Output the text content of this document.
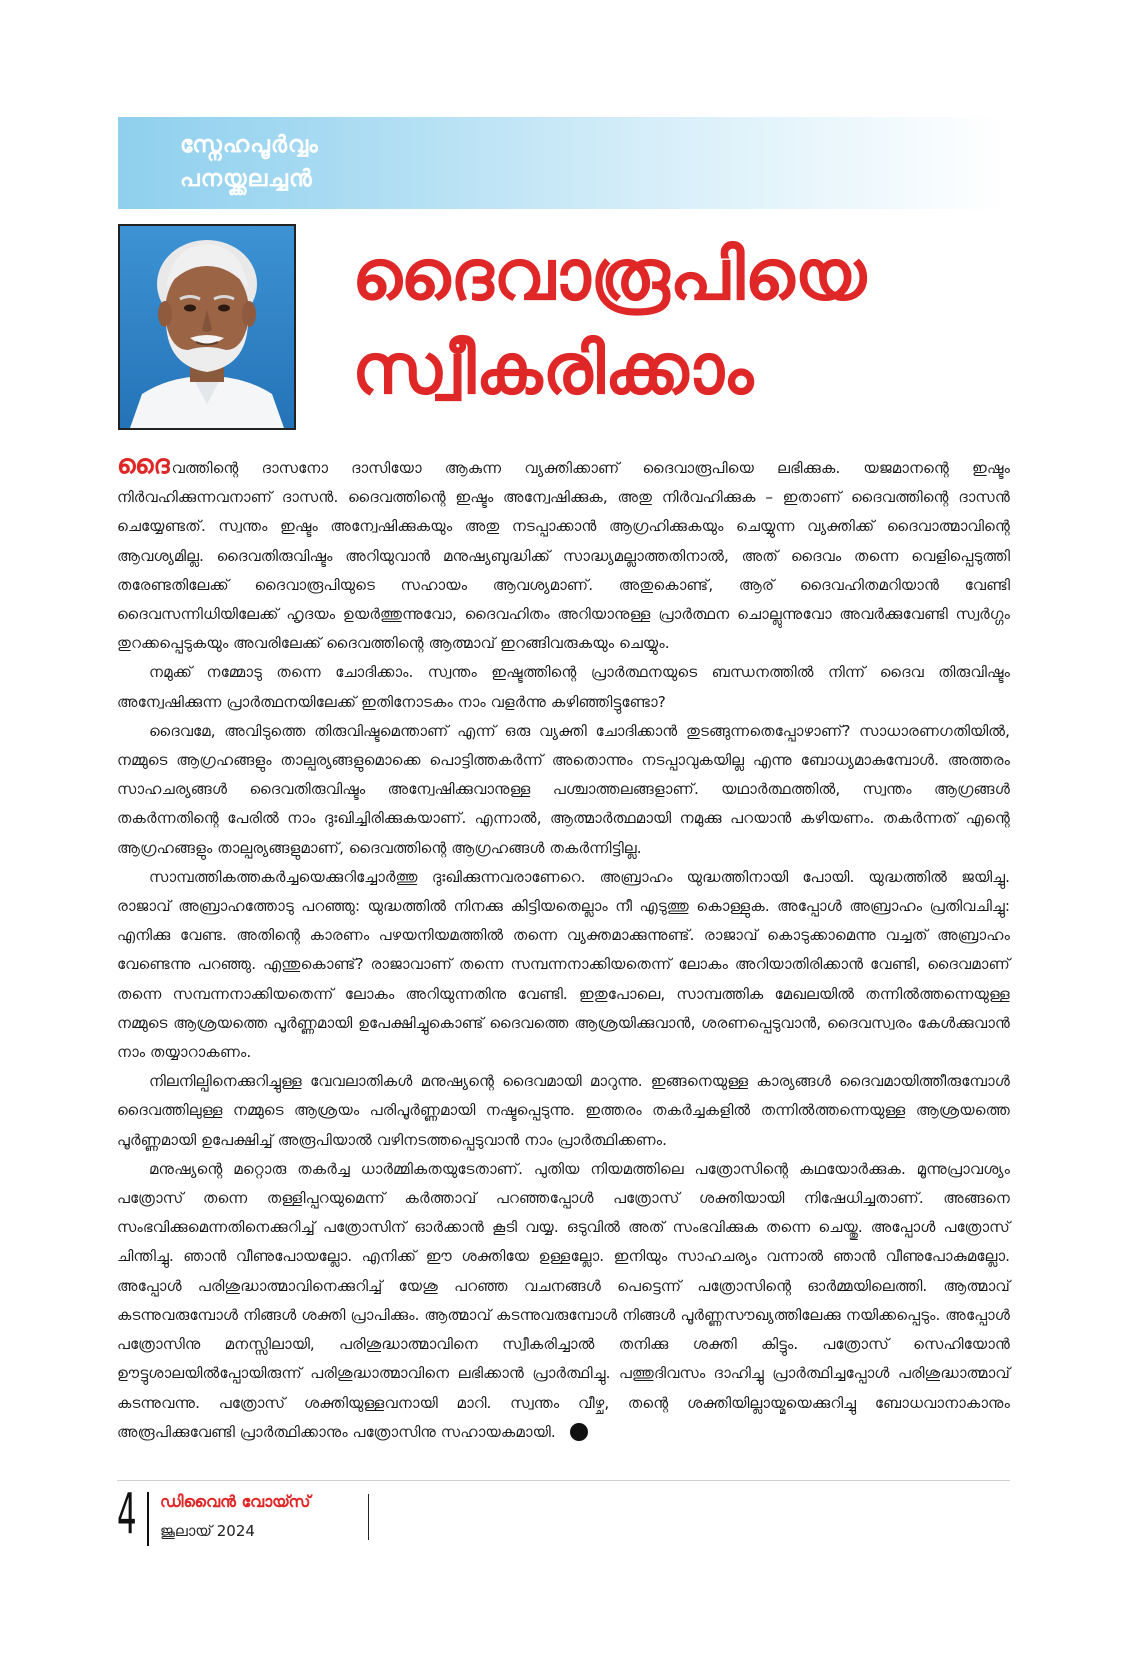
സ്നേഹപൂർവ്വം
പനയ്ക്കലച്ചൻ
ദൈവാരൂപിയെ
സ്വീകരിക്കാം

ദൈവത്തിന്റെ ദാസനോ ദാസിയോ ആകുന്ന വ്യക്തിക്കാണ് ദൈവാരൂപിയെ ലഭിക്കുക. യജമാനന്റെ ഇഷ്ടം നിർവഹിക്കുന്നവനാണ് ദാസൻ. ദൈവത്തിന്റെ ഇഷ്ടം അന്വേഷിക്കുക, അതു നിർവഹിക്കുക – ഇതാണ് ദൈവത്തിന്റെ ദാസൻ ചെയ്യേണ്ടത്. സ്വന്തം ഇഷ്ടം അന്വേഷിക്കുകയും അതു നടപ്പാക്കാൻ ആഗ്രഹിക്കുകയും ചെയ്യുന്ന വ്യക്തിക്ക് ദൈവാത്മാവിന്റെ ആവശ്യമില്ല. ദൈവതിരുവിഷ്ടം അറിയുവാൻ മനുഷ്യബുദ്ധിക്ക് സാദ്ധ്യമല്ലാത്തതിനാൽ, അത് ദൈവം തന്നെ വെളിപ്പെടുത്തി തരേണ്ടതിലേക്ക് ദൈവാരൂപിയുടെ സഹായം ആവശ്യമാണ്. അതുകൊണ്ട്, ആര് ദൈവഹിതമറിയാൻ വേണ്ടി ദൈവസന്നിധിയിലേക്ക് ഹൃദയം ഉയർത്തുന്നുവോ, ദൈവഹിതം അറിയാനുള്ള പ്രാർത്ഥന ചൊല്ലുന്നുവോ അവർക്കുവേണ്ടി സ്വർഗ്ഗം തുറക്കപ്പെടുകയും അവരിലേക്ക് ദൈവത്തിന്റെ ആത്മാവ് ഇറങ്ങിവരുകയും ചെയ്യും.

നമുക്ക് നമ്മോടു തന്നെ ചോദിക്കാം. സ്വന്തം ഇഷ്ടത്തിന്റെ പ്രാർത്ഥനയുടെ ബന്ധനത്തിൽ നിന്ന് ദൈവ തിരുവിഷ്ടം അന്വേഷിക്കുന്ന പ്രാർത്ഥനയിലേക്ക് ഇതിനോടകം നാം വളർന്നു കഴിഞ്ഞിട്ടുണ്ടോ?

ദൈവമേ, അവിടുത്തെ തിരുവിഷ്ടമെന്താണ് എന്ന് ഒരു വ്യക്തി ചോദിക്കാൻ തുടങ്ങുന്നതെപ്പോഴാണ്? സാധാരണഗതിയിൽ, നമ്മുടെ ആഗ്രഹങ്ങളും താല്പര്യങ്ങളുമൊക്കെ പൊട്ടിത്തകർന്ന് അതൊന്നും നടപ്പാവുകയില്ല എന്നു ബോധ്യമാകുമ്പോൾ. അത്തരം സാഹചര്യങ്ങൾ ദൈവതിരുവിഷ്ടം അന്വേഷിക്കുവാനുള്ള പശ്ചാത്തലങ്ങളാണ്. യഥാർത്ഥത്തിൽ, സ്വന്തം ആഗ്രങ്ങൾ തകർന്നതിന്റെ പേരിൽ നാം ദുഃഖിച്ചിരിക്കുകയാണ്. എന്നാൽ, ആത്മാർത്ഥമായി നമുക്കു പറയാൻ കഴിയണം. തകർന്നത് എന്റെ ആഗ്രഹങ്ങളും താല്പര്യങ്ങളുമാണ്, ദൈവത്തിന്റെ ആഗ്രഹങ്ങൾ തകർന്നിട്ടില്ല.

സാമ്പത്തികത്തകർച്ചയെക്കുറിച്ചോർത്തു ദുഃഖിക്കുന്നവരാണേറെ. അബ്രാഹം യുദ്ധത്തിനായി പോയി. യുദ്ധത്തിൽ ജയിച്ചു. രാജാവ് അബ്രാഹത്തോടു പറഞ്ഞു: യുദ്ധത്തിൽ നിനക്കു കിട്ടിയതെല്ലാം നീ എടുത്തു കൊള്ളുക. അപ്പോൾ അബ്രാഹം പ്രതിവചിച്ചു: എനിക്കു വേണ്ട. അതിന്റെ കാരണം പഴയനിയമത്തിൽ തന്നെ വ്യക്തമാക്കുന്നുണ്ട്. രാജാവ് കൊടുക്കാമെന്നു വച്ചത് അബ്രാഹം വേണ്ടെന്നു പറഞ്ഞു. എന്തുകൊണ്ട്? രാജാവാണ് തന്നെ സമ്പന്നനാക്കിയതെന്ന് ലോകം അറിയാതിരിക്കാൻ വേണ്ടി, ദൈവമാണ് തന്നെ സമ്പന്നനാക്കിയതെന്ന് ലോകം അറിയുന്നതിനു വേണ്ടി. ഇതുപോലെ, സാമ്പത്തിക മേഖലയിൽ തന്നിൽത്തന്നെയുള്ള നമ്മുടെ ആശ്രയത്തെ പൂർണ്ണമായി ഉപേക്ഷിച്ചുകൊണ്ട് ദൈവത്തെ ആശ്രയിക്കുവാൻ, ശരണപ്പെടുവാൻ, ദൈവസ്വരം കേൾക്കുവാൻ നാം തയ്യാറാകണം.

നിലനില്പിനെക്കുറിച്ചുള്ള വേവലാതികൾ മനുഷ്യന്റെ ദൈവമായി മാറുന്നു. ഇങ്ങനെയുള്ള കാര്യങ്ങൾ ദൈവമായിത്തീരുമ്പോൾ ദൈവത്തിലുള്ള നമ്മുടെ ആശ്രയം പരിപൂർണ്ണമായി നഷ്ടപ്പെടുന്നു. ഇത്തരം തകർച്ചകളിൽ തന്നിൽത്തന്നെയുള്ള ആശ്രയത്തെ പൂർണ്ണമായി ഉപേക്ഷിച്ച് അരൂപിയാൽ വഴിനടത്തപ്പെടുവാൻ നാം പ്രാർത്ഥിക്കണം.

മനുഷ്യന്റെ മറ്റൊരു തകർച്ച ധാർമ്മികതയുടേതാണ്. പുതിയ നിയമത്തിലെ പത്രോസിന്റെ കഥയോർക്കുക. മൂന്നുപ്രാവശ്യം പത്രോസ് തന്നെ തള്ളിപ്പറയുമെന്ന് കർത്താവ് പറഞ്ഞപ്പോൾ പത്രോസ് ശക്തിയായി നിഷേധിച്ചതാണ്. അങ്ങനെ സംഭവിക്കുമെന്നതിനെക്കുറിച്ച് പത്രോസിന് ഓർക്കാൻ കൂടി വയ്യ. ഒടുവിൽ അത് സംഭവിക്കുക തന്നെ ചെയ്തു. അപ്പോൾ പത്രോസ് ചിന്തിച്ചു. ഞാൻ വീണുപോയല്ലോ. എനിക്ക് ഈ ശക്തിയേ ഉള്ളല്ലോ. ഇനിയും സാഹചര്യം വന്നാൽ ഞാൻ വീണുപോകുമല്ലോ. അപ്പോൾ പരിശുദ്ധാത്മാവിനെക്കുറിച്ച് യേശു പറഞ്ഞ വചനങ്ങൾ പെട്ടെന്ന് പത്രോസിന്റെ ഓർമ്മയിലെത്തി. ആത്മാവ് കടന്നുവരുമ്പോൾ നിങ്ങൾ ശക്തി പ്രാപിക്കും. ആത്മാവ് കടന്നുവരുമ്പോൾ നിങ്ങൾ പൂർണ്ണസൗഖ്യത്തിലേക്കു നയിക്കപ്പെടും. അപ്പോൾ പത്രോസിനു മനസ്സിലായി, പരിശുദ്ധാത്മാവിനെ സ്വീകരിച്ചാൽ തനിക്കു ശക്തി കിട്ടും. പത്രോസ് സെഹിയോൻ ഊട്ടുശാലയിൽപ്പോയിരുന്ന് പരിശുദ്ധാത്മാവിനെ ലഭിക്കാൻ പ്രാർത്ഥിച്ചു. പത്തുദിവസം ദാഹിച്ചു പ്രാർത്ഥിച്ചപ്പോൾ പരിശുദ്ധാത്മാവ് കടന്നുവന്നു. പത്രോസ് ശക്തിയുള്ളവനായി മാറി. സ്വന്തം വീഴ്ച, തന്റെ ശക്തിയില്ലായ്മയെക്കുറിച്ചു ബോധവാനാകാനും അരൂപിക്കുവേണ്ടി പ്രാർത്ഥിക്കാനും പത്രോസിനു സഹായകമായി.

4 ഡിവൈൻ വോയ്സ്
ജൂലായ് 2024
